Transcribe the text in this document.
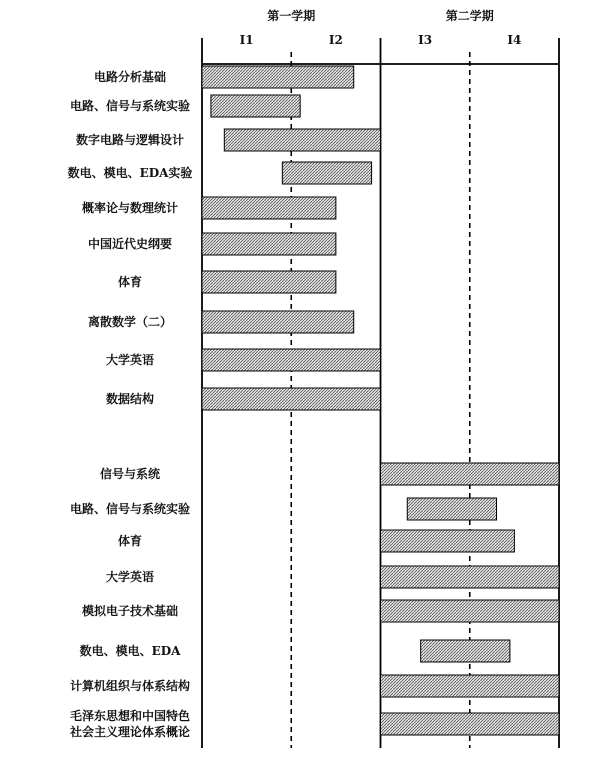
电路分析基础
电路、信号与系统实验
数字电路与逻辑设计
数电、模电、EDA实验
概率论与数理统计
中国近代史纲要
体育
离散数学（二）
大学英语
数据结构
信号与系统
电路、信号与系统实验
体育
大学英语
模拟电子技术基础
数电、模电、EDA
计算机组织与体系结构
毛泽东思想和中国特色
社会主义理论体系概论
第一学期	第二学期
I1	I2	I3	I4
